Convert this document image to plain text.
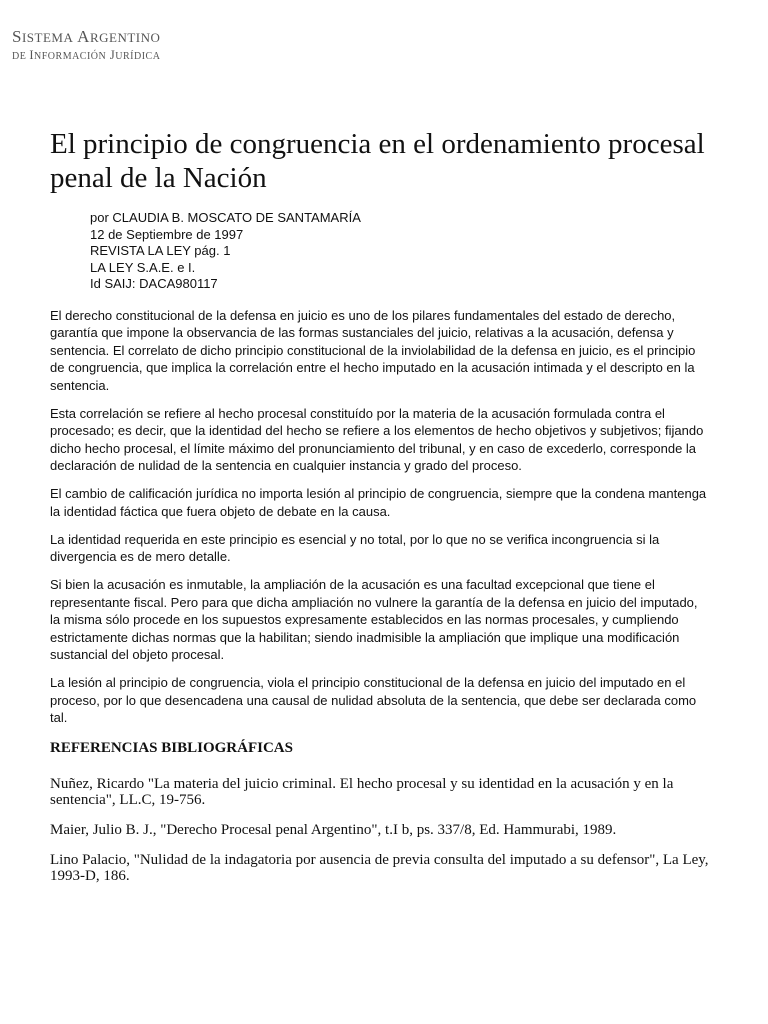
SISTEMA ARGENTINO
DE INFORMACIÓN JURÍDICA
El principio de congruencia en el ordenamiento procesal penal de la Nación
por CLAUDIA B. MOSCATO DE SANTAMARÍA
12 de Septiembre de 1997
REVISTA LA LEY pág. 1
LA LEY S.A.E. e I.
Id SAIJ: DACA980117

El derecho constitucional de la defensa en juicio es uno de los pilares fundamentales del estado de derecho, garantía que impone la observancia de las formas sustanciales del juicio, relativas a la acusación, defensa y sentencia. El correlato de dicho principio constitucional de la inviolabilidad de la defensa en juicio, es el principio de congruencia, que implica la correlación entre el hecho imputado en la acusación intimada y el descripto en la sentencia.

Esta correlación se refiere al hecho procesal constituído por la materia de la acusación formulada contra el procesado; es decir, que la identidad del hecho se refiere a los elementos de hecho objetivos y subjetivos; fijando dicho hecho procesal, el límite máximo del pronunciamiento del tribunal, y en caso de excederlo, corresponde la declaración de nulidad de la sentencia en cualquier instancia y grado del proceso.

El cambio de calificación jurídica no importa lesión al principio de congruencia, siempre que la condena mantenga la identidad fáctica que fuera objeto de debate en la causa.

La identidad requerida en este principio es esencial y no total, por lo que no se verifica incongruencia si la divergencia es de mero detalle.

Si bien la acusación es inmutable, la ampliación de la acusación es una facultad excepcional que tiene el representante fiscal. Pero para que dicha ampliación no vulnere la garantía de la defensa en juicio del imputado, la misma sólo procede en los supuestos expresamente establecidos en las normas procesales, y cumpliendo estrictamente dichas normas que la habilitan; siendo inadmisible la ampliación que implique una modificación sustancial del objeto procesal.

La lesión al principio de congruencia, viola el principio constitucional de la defensa en juicio del imputado en el proceso, por lo que desencadena una causal de nulidad absoluta de la sentencia, que debe ser declarada como tal.

REFERENCIAS BIBLIOGRÁFICAS

Nuñez, Ricardo "La materia del juicio criminal. El hecho procesal y su identidad en la acusación y en la sentencia", LL.C, 19-756.

Maier, Julio B. J., "Derecho Procesal penal Argentino", t.I b, ps. 337/8, Ed. Hammurabi, 1989.

Lino Palacio, "Nulidad de la indagatoria por ausencia de previa consulta del imputado a su defensor", La Ley, 1993-D, 186.
